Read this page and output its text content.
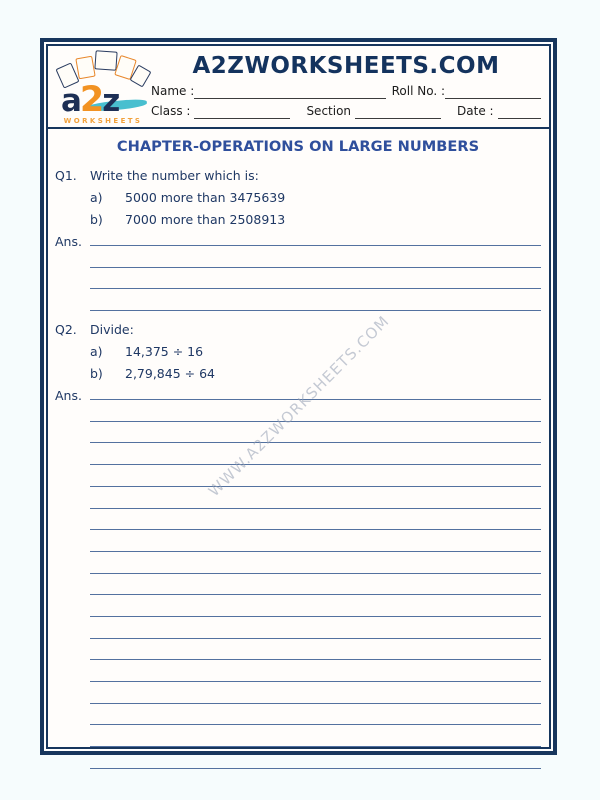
a2z
WORKSHEETS
A2ZWORKSHEETS.COM
Name :	Roll No. :
Class :	Section	Date :
CHAPTER-OPERATIONS ON LARGE NUMBERS
Q1.	Write the number which is:
a)	5000 more than 3475639
b)	7000 more than 2508913
Ans.
Q2.	Divide:
a)	14,375 ÷ 16
b)	2,79,845 ÷ 64
Ans.	WWW.A2ZWORKSHEETS.COM
